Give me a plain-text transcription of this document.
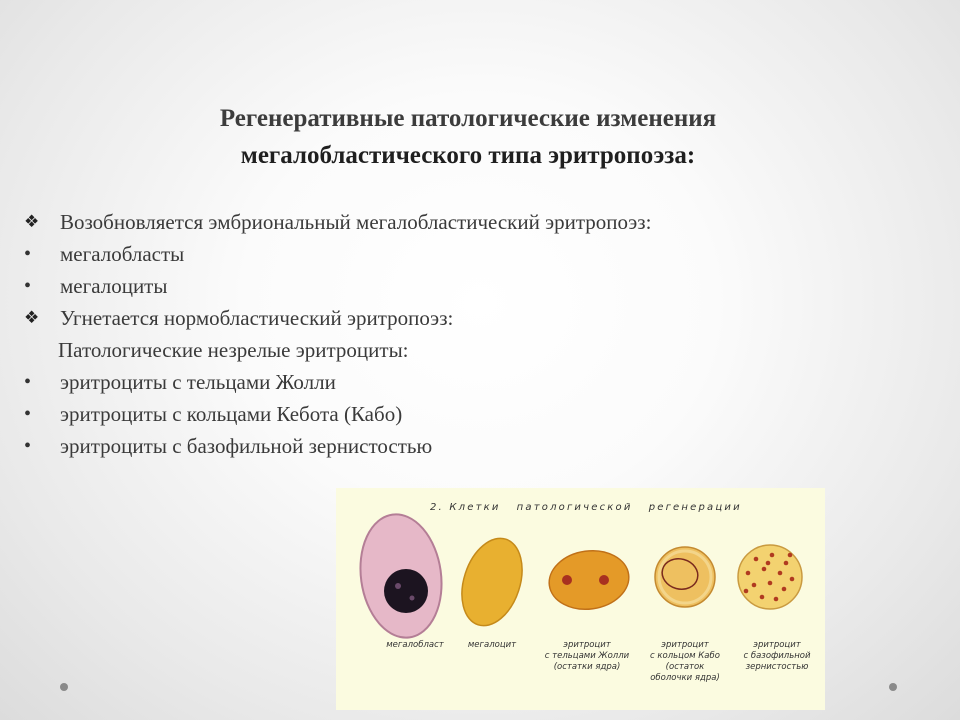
Регенеративные патологические изменения
мегалобластического типа эритропоэза:
❖ Возобновляется эмбриональный мегалобластический эритропоэз:
•	мегалобласты
•	мегалоциты
❖ Угнетается нормобластический эритропоэз:
Патологические незрелые эритроциты:
•	эритроциты с тельцами Жолли
•	эритроциты с кольцами Кебота (Кабо)
•	эритроциты с базофильной зернистостью
2. Клетки   патологической   регенерации
мегалобласт	мегалоцит	эритроцит
с тельцами Жолли
(остатки ядра)
эритроцит
с кольцом Кабо
(остаток
оболочки ядра)
эритроцит
с базофильной
зернистостью
